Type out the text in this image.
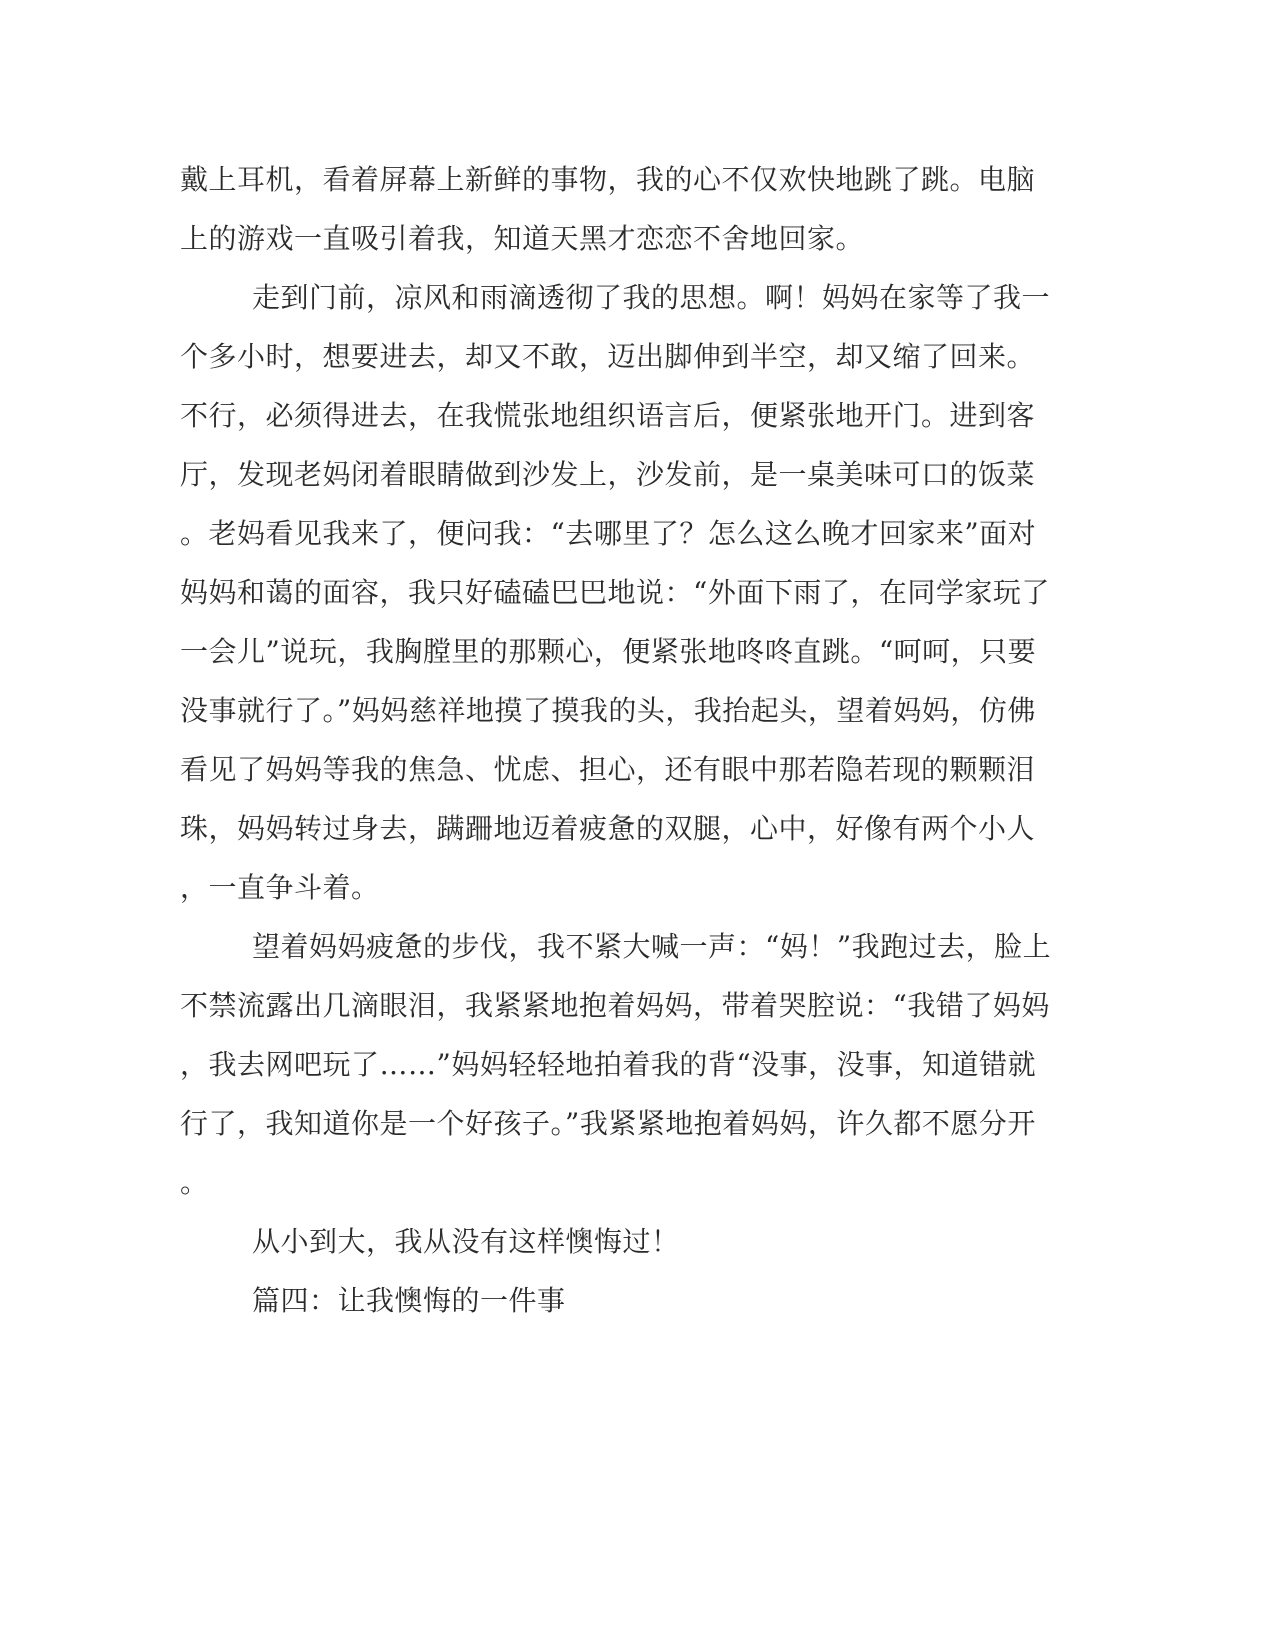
戴上耳机，看着屏幕上新鲜的事物，我的心不仅欢快地跳了跳。电脑
上的游戏一直吸引着我，知道天黑才恋恋不舍地回家。
走到门前，凉风和雨滴透彻了我的思想。啊！妈妈在家等了我一
个多小时，想要进去，却又不敢，迈出脚伸到半空，却又缩了回来。
不行，必须得进去，在我慌张地组织语言后，便紧张地开门。进到客
厅，发现老妈闭着眼睛做到沙发上，沙发前，是一桌美味可口的饭菜
。老妈看见我来了，便问我：“去哪里了？怎么这么晚才回家来”面对
妈妈和蔼的面容，我只好磕磕巴巴地说：“外面下雨了，在同学家玩了
一会儿”说玩，我胸膛里的那颗心，便紧张地咚咚直跳。“呵呵，只要
没事就行了。”妈妈慈祥地摸了摸我的头，我抬起头，望着妈妈，仿佛
看见了妈妈等我的焦急、忧虑、担心，还有眼中那若隐若现的颗颗泪
珠，妈妈转过身去，蹒跚地迈着疲惫的双腿，心中，好像有两个小人
，一直争斗着。
望着妈妈疲惫的步伐，我不紧大喊一声：“妈！”我跑过去，脸上
不禁流露出几滴眼泪，我紧紧地抱着妈妈，带着哭腔说：“我错了妈妈
，我去网吧玩了……”妈妈轻轻地拍着我的背“没事，没事，知道错就
行了，我知道你是一个好孩子。”我紧紧地抱着妈妈，许久都不愿分开
。
从小到大，我从没有这样懊悔过！
篇四：让我懊悔的一件事
